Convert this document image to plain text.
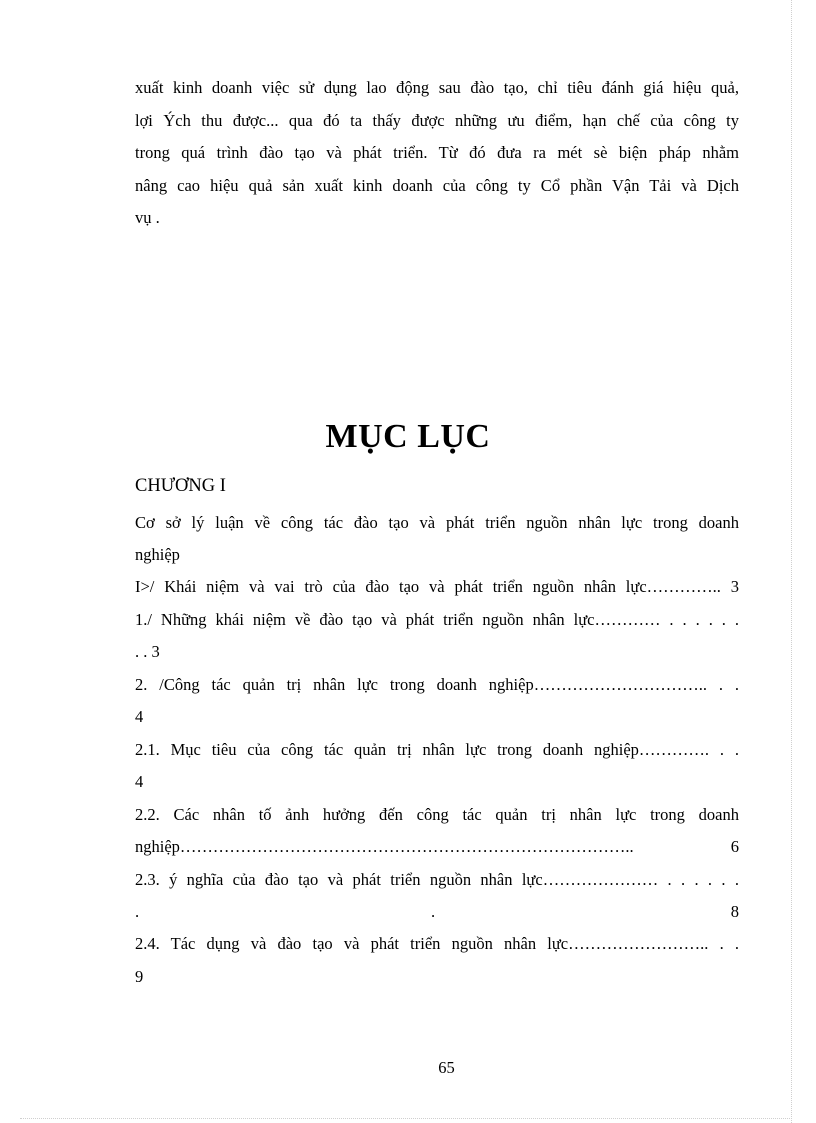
xuất kinh doanh việc sử dụng lao động sau đào tạo, chỉ tiêu đánh giá hiệu quả,
lợi Ých thu được... qua đó ta thấy được những ưu điểm, hạn chế của công ty
trong quá trình đào tạo và phát triển. Từ đó đưa ra mét sè biện pháp nhằm
nâng cao hiệu quả sản xuất kinh doanh của công ty Cổ phần Vận Tải và Dịch
vụ .
MỤC LỤC
CHƯƠNG I
Cơ sở lý luận về công tác đào tạo và phát triển nguồn nhân lực trong doanh
nghiệp
I>/ Khái niệm và vai trò của đào tạo và phát triển nguồn nhân lực………….. 3
1./ Những khái niệm về đào tạo và phát triển nguồn nhân lực………… . . . . . .
. . 3
2. /Công tác quản trị nhân lực trong doanh nghiệp………………………….. . .
4
2.1. Mục tiêu của công tác quản trị nhân lực trong doanh nghiệp…………. . .
4
2.2. Các nhân tố ảnh hưởng đến công tác quản trị nhân lực trong doanh
nghiệp……………………………………………………………………….. 6
2.3. ý nghĩa của đào tạo và phát triển nguồn nhân lực………………… . . . . . .
.	.	8
2.4. Tác dụng và đào tạo và phát triển nguồn nhân lực…………………….. . .
9
65
